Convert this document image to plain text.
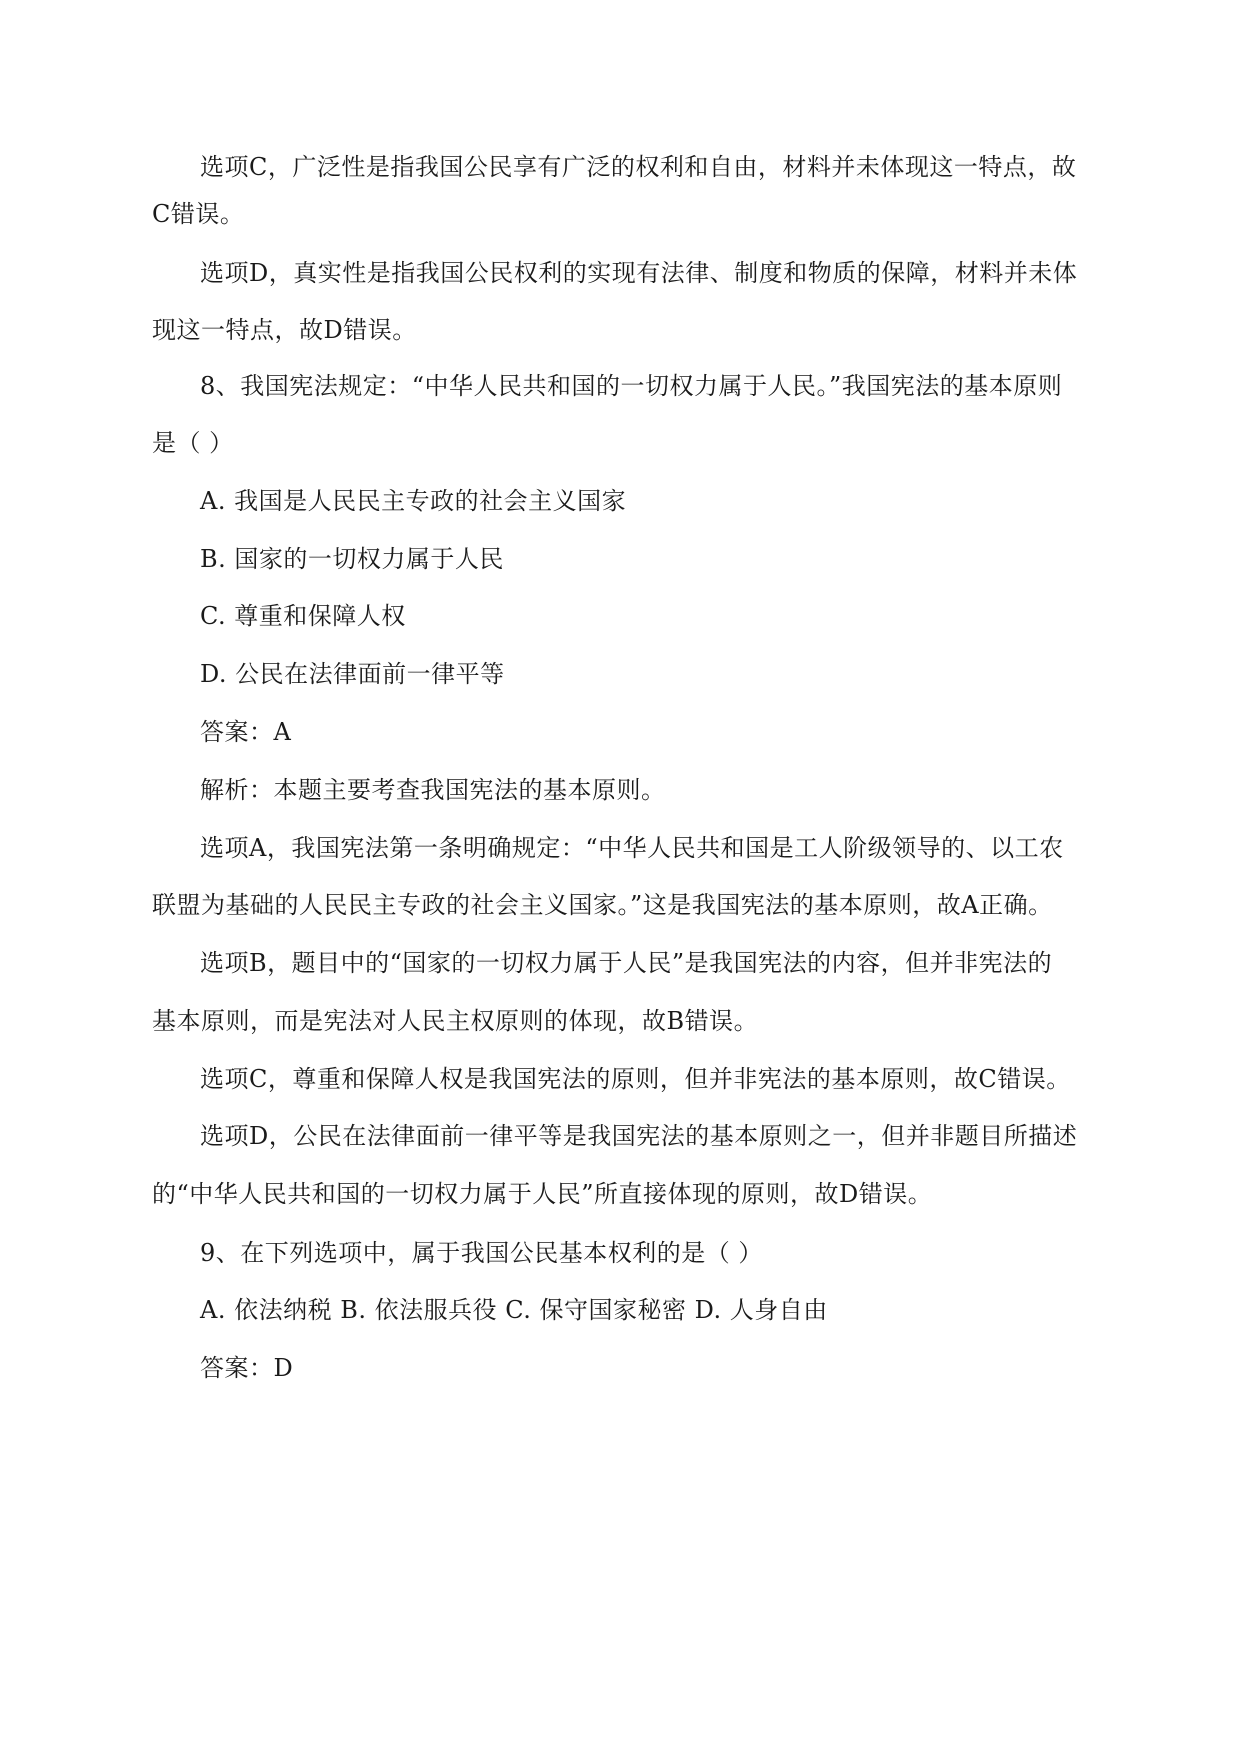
选项C，广泛性是指我国公民享有广泛的权利和自由，材料并未体现这一特点，故
C错误。
选项D，真实性是指我国公民权利的实现有法律、制度和物质的保障，材料并未体
现这一特点，故D错误。
8、我国宪法规定：“中华人民共和国的一切权力属于人民。”我国宪法的基本原则
是（ ）
A. 我国是人民民主专政的社会主义国家
B. 国家的一切权力属于人民
C. 尊重和保障人权
D. 公民在法律面前一律平等
答案：A
解析：本题主要考查我国宪法的基本原则。
选项A，我国宪法第一条明确规定：“中华人民共和国是工人阶级领导的、以工农
联盟为基础的人民民主专政的社会主义国家。”这是我国宪法的基本原则，故A正确。
选项B，题目中的“国家的一切权力属于人民”是我国宪法的内容，但并非宪法的
基本原则，而是宪法对人民主权原则的体现，故B错误。
选项C，尊重和保障人权是我国宪法的原则，但并非宪法的基本原则，故C错误。
选项D，公民在法律面前一律平等是我国宪法的基本原则之一，但并非题目所描述
的“中华人民共和国的一切权力属于人民”所直接体现的原则，故D错误。
9、在下列选项中，属于我国公民基本权利的是（ ）
A. 依法纳税 B. 依法服兵役 C. 保守国家秘密 D. 人身自由
答案：D
